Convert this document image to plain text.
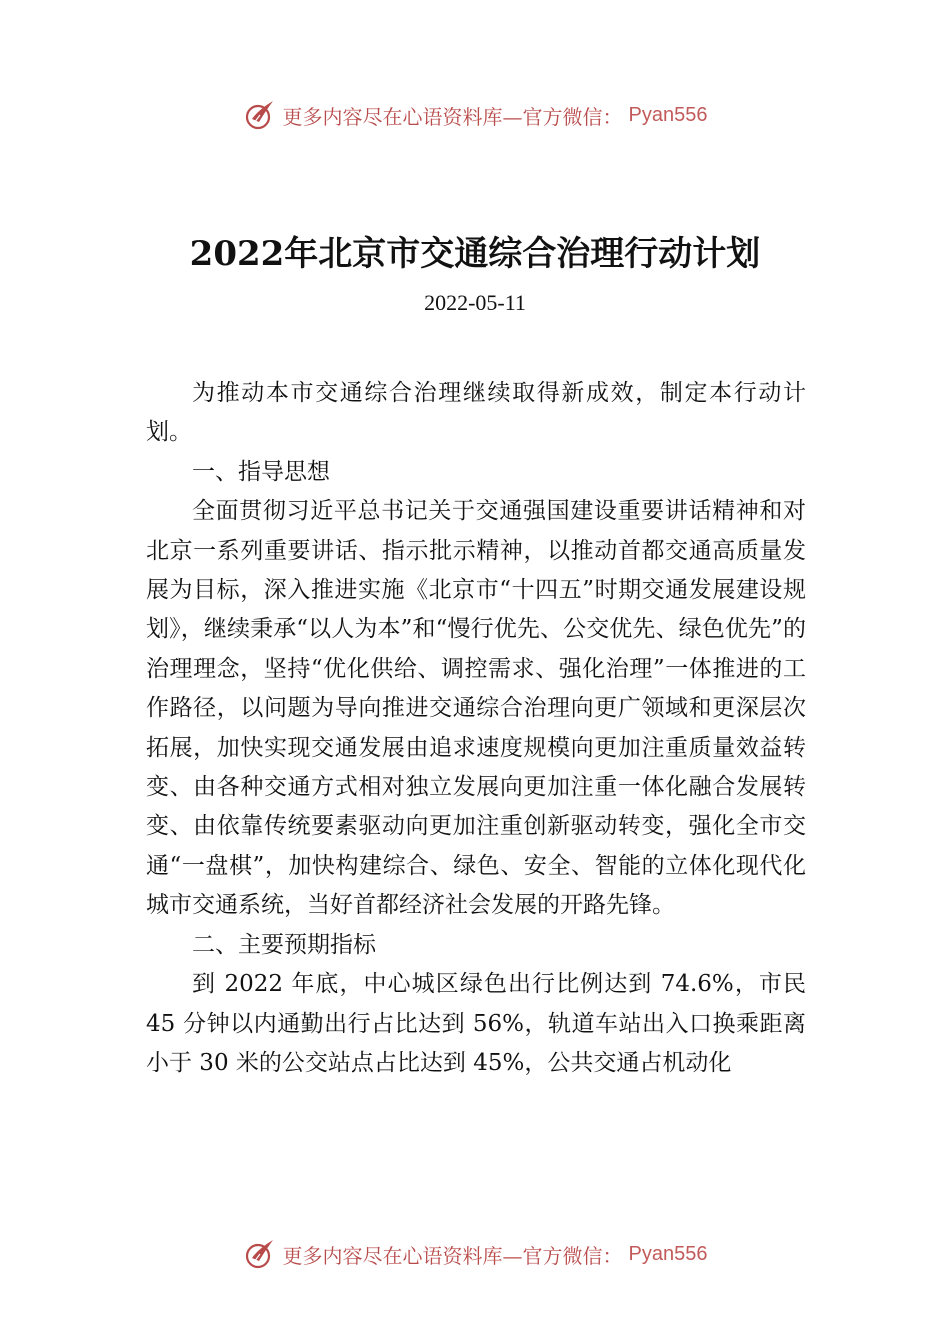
更多内容尽在心语资料库—官方微信： Pyan556
2022年北京市交通综合治理行动计划
2022-05-11

为推动本市交通综合治理继续取得新成效，制定本行动计划。

一、指导思想

全面贯彻习近平总书记关于交通强国建设重要讲话精神和对北京一系列重要讲话、指示批示精神，以推动首都交通高质量发展为目标，深入推进实施《北京市“十四五”时期交通发展建设规划》，继续秉承“以人为本”和“慢行优先、公交优先、绿色优先”的治理理念，坚持“优化供给、调控需求、强化治理”一体推进的工作路径，以问题为导向推进交通综合治理向更广领域和更深层次拓展，加快实现交通发展由追求速度规模向更加注重质量效益转变、由各种交通方式相对独立发展向更加注重一体化融合发展转变、由依靠传统要素驱动向更加注重创新驱动转变，强化全市交通“一盘棋”，加快构建综合、绿色、安全、智能的立体化现代化城市交通系统，当好首都经济社会发展的开路先锋。

二、主要预期指标

到 2022 年底，中心城区绿色出行比例达到 74.6%，市民 45 分钟以内通勤出行占比达到 56%，轨道车站出入口换乘距离小于 30 米的公交站点占比达到 45%，公共交通占机动化

更多内容尽在心语资料库—官方微信： Pyan556
